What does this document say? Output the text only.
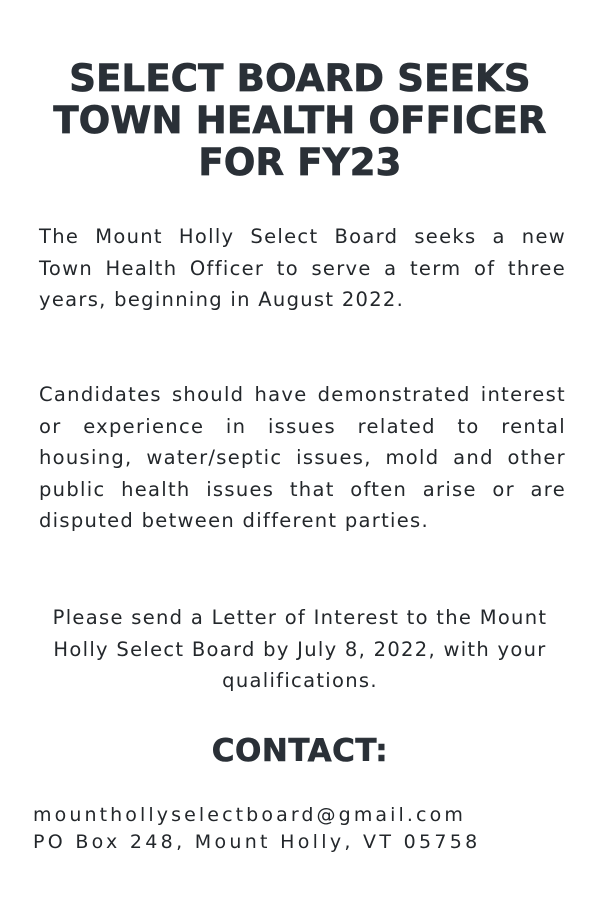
SELECT BOARD SEEKS
TOWN HEALTH OFFICER
FOR FY23

The Mount Holly Select Board seeks a new Town Health Officer to serve a term of three years, beginning in August 2022.

Candidates should have demonstrated interest or experience in issues related to rental housing, water/septic issues, mold and other public health issues that often arise or are disputed between different parties.

Please send a Letter of Interest to the Mount Holly Select Board by July 8, 2022, with your qualifications.

CONTACT:

mounthollyselectboard@gmail.com

PO Box 248, Mount Holly, VT 05758
